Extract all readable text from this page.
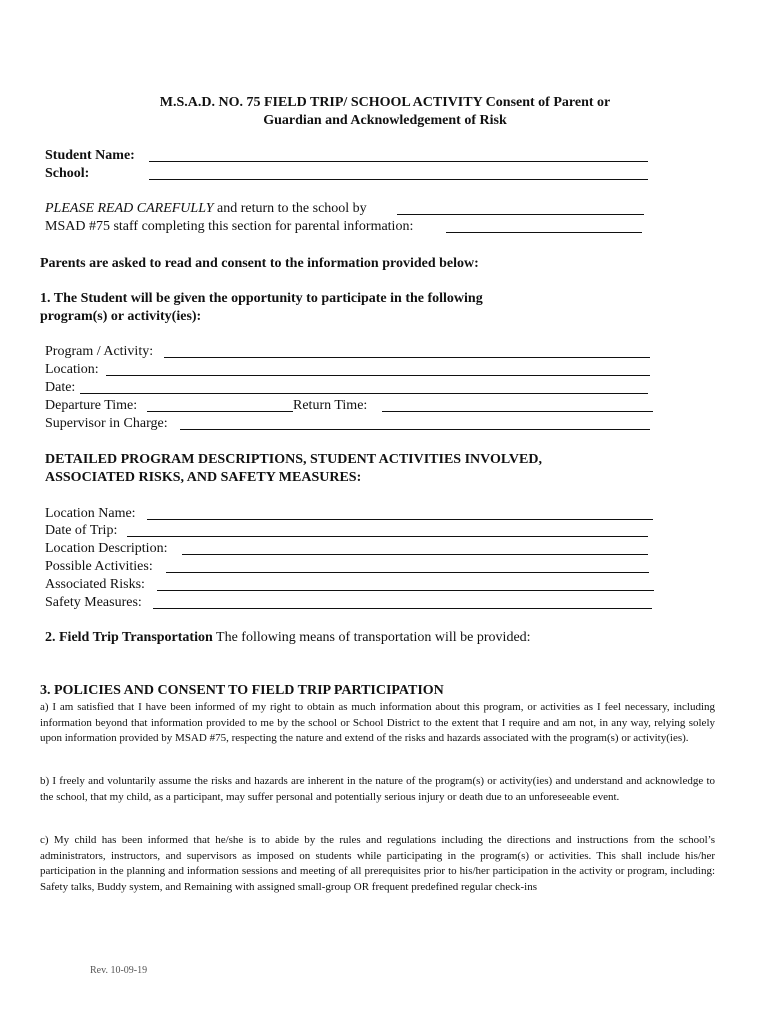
M.S.A.D. NO. 75 FIELD TRIP/ SCHOOL ACTIVITY Consent of Parent or
Guardian and Acknowledgement of Risk
Student Name:
School:
PLEASE READ CAREFULLY and return to the school by
MSAD #75 staff completing this section for parental information:
Parents are asked to read and consent to the information provided below:
1. The Student will be given the opportunity to participate in the following
program(s) or activity(ies):
Program / Activity:
Location:
Date:
Departure Time:	Return Time:
Supervisor in Charge:
DETAILED PROGRAM DESCRIPTIONS, STUDENT ACTIVITIES INVOLVED,
ASSOCIATED RISKS, AND SAFETY MEASURES:
Location Name:
Date of Trip:
Location Description:
Possible Activities:
Associated Risks:
Safety Measures:
2. Field Trip Transportation The following means of transportation will be provided:
3. POLICIES AND CONSENT TO FIELD TRIP PARTICIPATION
a) I am satisfied that I have been informed of my right to obtain as much information about this program, or activities as I feel necessary, including information beyond that information provided to me by the school or School District to the extent that I require and am not, in any way, relying solely upon information provided by MSAD #75, respecting the nature and extend of the risks and hazards associated with the program(s) or activity(ies).
b) I freely and voluntarily assume the risks and hazards are inherent in the nature of the program(s) or activity(ies) and understand and acknowledge to the school, that my child, as a participant, may suffer personal and potentially serious injury or death due to an unforeseeable event.
c) My child has been informed that he/she is to abide by the rules and regulations including the directions and instructions from the school’s administrators, instructors, and supervisors as imposed on students while participating in the program(s) or activities. This shall include his/her participation in the planning and information sessions and meeting of all prerequisites prior to his/her participation in the activity or program, including: Safety talks, Buddy system, and Remaining with assigned small-group OR frequent predefined regular check-ins
Rev. 10-09-19
